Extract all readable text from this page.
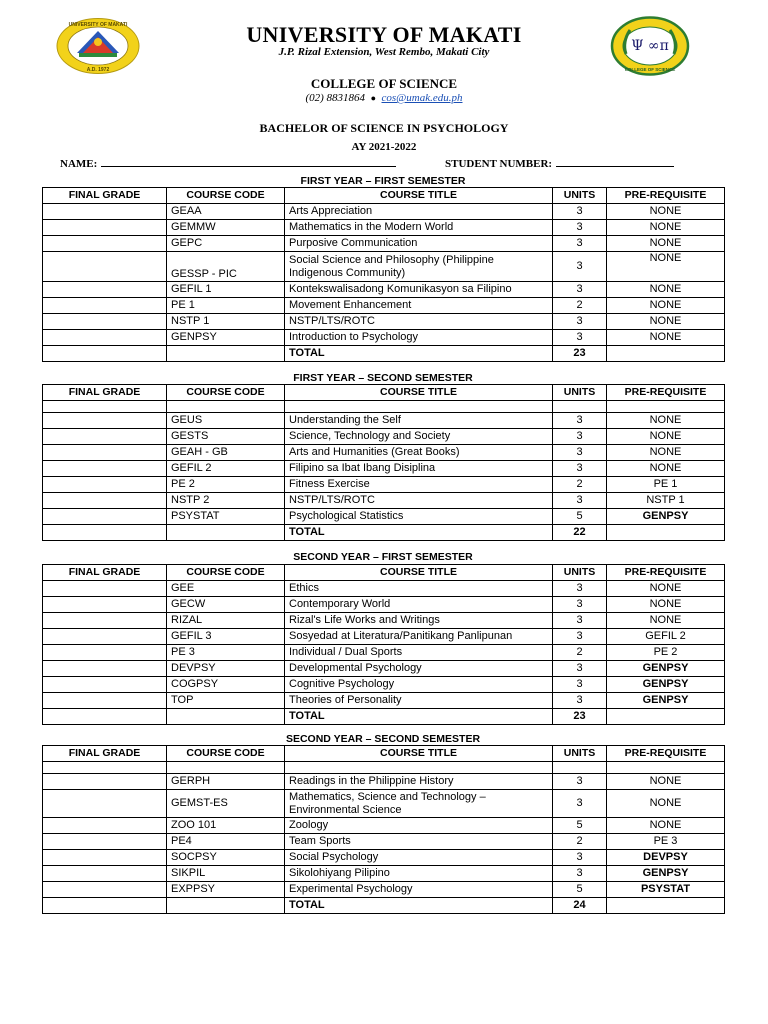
UNIVERSITY OF MAKATI
A.D. 1972
Ψ ∞π
COLLEGE OF SCIENCE
UNIVERSITY OF MAKATI
J.P. Rizal Extension, West Rembo, Makati City
COLLEGE OF SCIENCE
(02) 8831864 ● cos@umak.edu.ph
BACHELOR OF SCIENCE IN PSYCHOLOGY
AY 2021-2022
NAME:	STUDENT NUMBER:
FIRST YEAR – FIRST SEMESTER
FINAL GRADE	COURSE CODE	COURSE TITLE	UNITS	PRE-REQUISITE
	GEAA	Arts Appreciation	3	NONE
	GEMMW	Mathematics in the Modern World	3	NONE
	GEPC	Purposive Communication	3	NONE
	GESSP - PIC	Social Science and Philosophy (Philippine Indigenous Community)	3	NONE
	GEFIL 1	Kontekswalisadong Komunikasyon sa Filipino	3	NONE
	PE 1	Movement Enhancement	2	NONE
	NSTP 1	NSTP/LTS/ROTC	3	NONE
	GENPSY	Introduction to Psychology	3	NONE
		TOTAL	23	
FIRST YEAR – SECOND SEMESTER
FINAL GRADE	COURSE CODE	COURSE TITLE	UNITS	PRE-REQUISITE

	GEUS	Understanding the Self	3	NONE
	GESTS	Science, Technology and Society	3	NONE
	GEAH - GB	Arts and Humanities (Great Books)	3	NONE
	GEFIL 2	Filipino sa Ibat Ibang Disiplina	3	NONE
	PE 2	Fitness Exercise	2	PE 1
	NSTP 2	NSTP/LTS/ROTC	3	NSTP 1
	PSYSTAT	Psychological Statistics	5	GENPSY
		TOTAL	22	
SECOND YEAR – FIRST SEMESTER
FINAL GRADE	COURSE CODE	COURSE TITLE	UNITS	PRE-REQUISITE
	GEE	Ethics	3	NONE
	GECW	Contemporary World	3	NONE
	RIZAL	Rizal's Life Works and Writings	3	NONE
	GEFIL 3	Sosyedad at Literatura/Panitikang Panlipunan	3	GEFIL 2
	PE 3	Individual / Dual Sports	2	PE 2
	DEVPSY	Developmental Psychology	3	GENPSY
	COGPSY	Cognitive Psychology	3	GENPSY
	TOP	Theories of Personality	3	GENPSY
		TOTAL	23	
SECOND YEAR – SECOND SEMESTER
FINAL GRADE	COURSE CODE	COURSE TITLE	UNITS	PRE-REQUISITE

	GERPH	Readings in the Philippine History	3	NONE
	GEMST-ES	Mathematics, Science and Technology – Environmental Science	3	NONE
	ZOO 101	Zoology	5	NONE
	PE4	Team Sports	2	PE 3
	SOCPSY	Social Psychology	3	DEVPSY
	SIKPIL	Sikolohiyang Pilipino	3	GENPSY
	EXPPSY	Experimental Psychology	5	PSYSTAT
		TOTAL	24	
